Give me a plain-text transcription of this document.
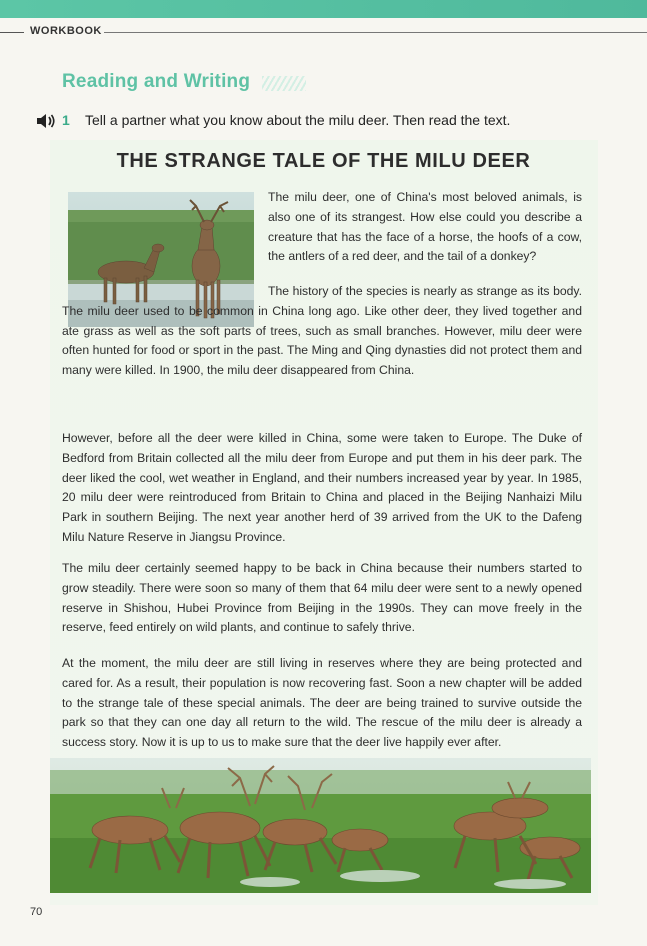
WORKBOOK
Reading and Writing
1 Tell a partner what you know about the milu deer. Then read the text.
THE STRANGE TALE OF THE MILU DEER

The milu deer, one of China's most beloved animals, is also one of its strangest. How else could you describe a creature that has the face of a horse, the hoofs of a cow, the antlers of a red deer, and the tail of a donkey?

The history of the species is nearly as strange as its body. The milu deer used to be common in China long ago. Like other deer, they lived together and ate grass as well as the soft parts of trees, such as small branches. However, milu deer were often hunted for food or sport in the past. The Ming and Qing dynasties did not protect them and many were killed. In 1900, the milu deer disappeared from China.

However, before all the deer were killed in China, some were taken to Europe. The Duke of Bedford from Britain collected all the milu deer from Europe and put them in his deer park. The deer liked the cool, wet weather in England, and their numbers increased year by year. In 1985, 20 milu deer were reintroduced from Britain to China and placed in the Beijing Nanhaizi Milu Park in southern Beijing. The next year another herd of 39 arrived from the UK to the Dafeng Milu Nature Reserve in Jiangsu Province.

The milu deer certainly seemed happy to be back in China because their numbers started to grow steadily. There were soon so many of them that 64 milu deer were sent to a newly opened reserve in Shishou, Hubei Province from Beijing in the 1990s. They can move freely in the reserve, feed entirely on wild plants, and continue to safely thrive.

At the moment, the milu deer are still living in reserves where they are being protected and cared for. As a result, their population is now recovering fast. Soon a new chapter will be added to the strange tale of these special animals. The deer are being trained to survive outside the park so that they can one day all return to the wild. The rescue of the milu deer is already a success story. Now it is up to us to make sure that the deer live happily ever after.

70
